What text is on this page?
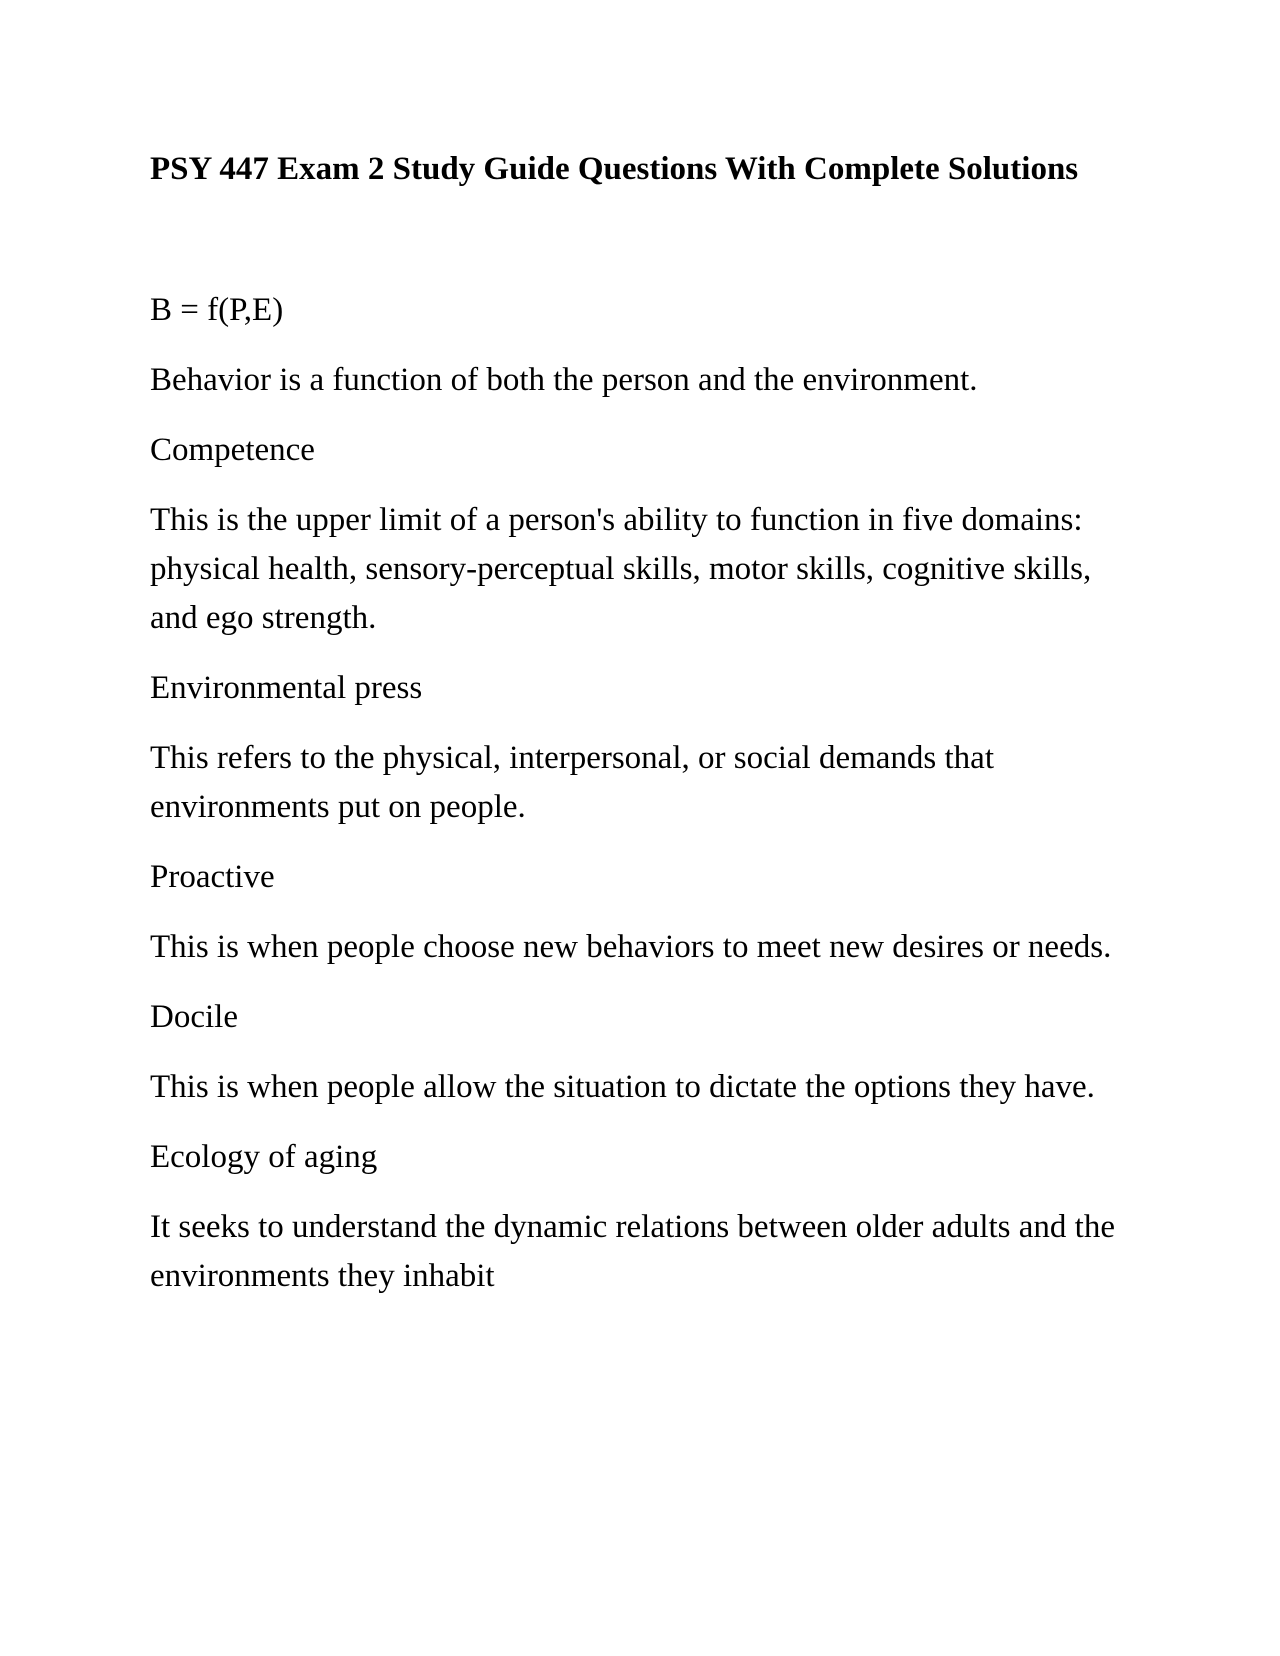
PSY 447 Exam 2 Study Guide Questions With Complete Solutions

B = f(P,E)

Behavior is a function of both the person and the environment.

Competence

This is the upper limit of a person's ability to function in five domains: physical health, sensory-perceptual skills, motor skills, cognitive skills, and ego strength.

Environmental press

This refers to the physical, interpersonal, or social demands that environments put on people.

Proactive

This is when people choose new behaviors to meet new desires or needs.

Docile

This is when people allow the situation to dictate the options they have.

Ecology of aging

It seeks to understand the dynamic relations between older adults and the environments they inhabit
